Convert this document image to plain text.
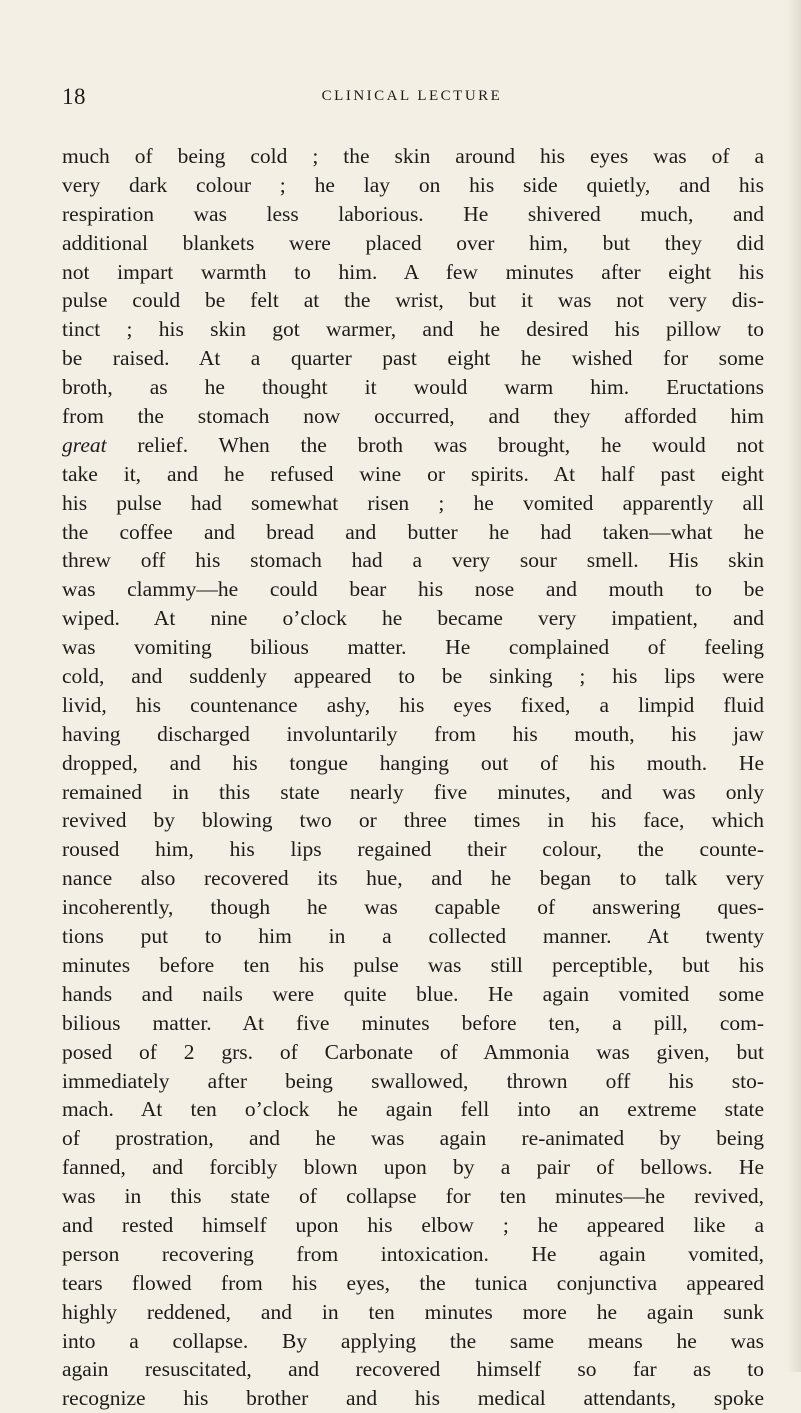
18	CLINICAL LECTURE
much of being cold ; the skin around his eyes was of a
very dark colour ; he lay on his side quietly, and his
respiration was less laborious. He shivered much, and
additional blankets were placed over him, but they did
not impart warmth to him. A few minutes after eight his
pulse could be felt at the wrist, but it was not very dis-
tinct ; his skin got warmer, and he desired his pillow to
be raised. At a quarter past eight he wished for some
broth, as he thought it would warm him. Eructations
from the stomach now occurred, and they afforded him
great relief. When the broth was brought, he would not
take it, and he refused wine or spirits. At half past eight
his pulse had somewhat risen ; he vomited apparently all
the coffee and bread and butter he had taken—what he
threw off his stomach had a very sour smell. His skin
was clammy—he could bear his nose and mouth to be
wiped. At nine o’clock he became very impatient, and
was vomiting bilious matter. He complained of feeling
cold, and suddenly appeared to be sinking ; his lips were
livid, his countenance ashy, his eyes fixed, a limpid fluid
having discharged involuntarily from his mouth, his jaw
dropped, and his tongue hanging out of his mouth. He
remained in this state nearly five minutes, and was only
revived by blowing two or three times in his face, which
roused him, his lips regained their colour, the counte-
nance also recovered its hue, and he began to talk very
incoherently, though he was capable of answering ques-
tions put to him in a collected manner. At twenty
minutes before ten his pulse was still perceptible, but his
hands and nails were quite blue. He again vomited some
bilious matter. At five minutes before ten, a pill, com-
posed of 2 grs. of Carbonate of Ammonia was given, but
immediately after being swallowed, thrown off his sto-
mach. At ten o’clock he again fell into an extreme state
of prostration, and he was again re-animated by being
fanned, and forcibly blown upon by a pair of bellows. He
was in this state of collapse for ten minutes—he revived,
and rested himself upon his elbow ; he appeared like a
person recovering from intoxication. He again vomited,
tears flowed from his eyes, the tunica conjunctiva appeared
highly reddened, and in ten minutes more he again sunk
into a collapse. By applying the same means he was
again resuscitated, and recovered himself so far as to
recognize his brother and his medical attendants, spoke
